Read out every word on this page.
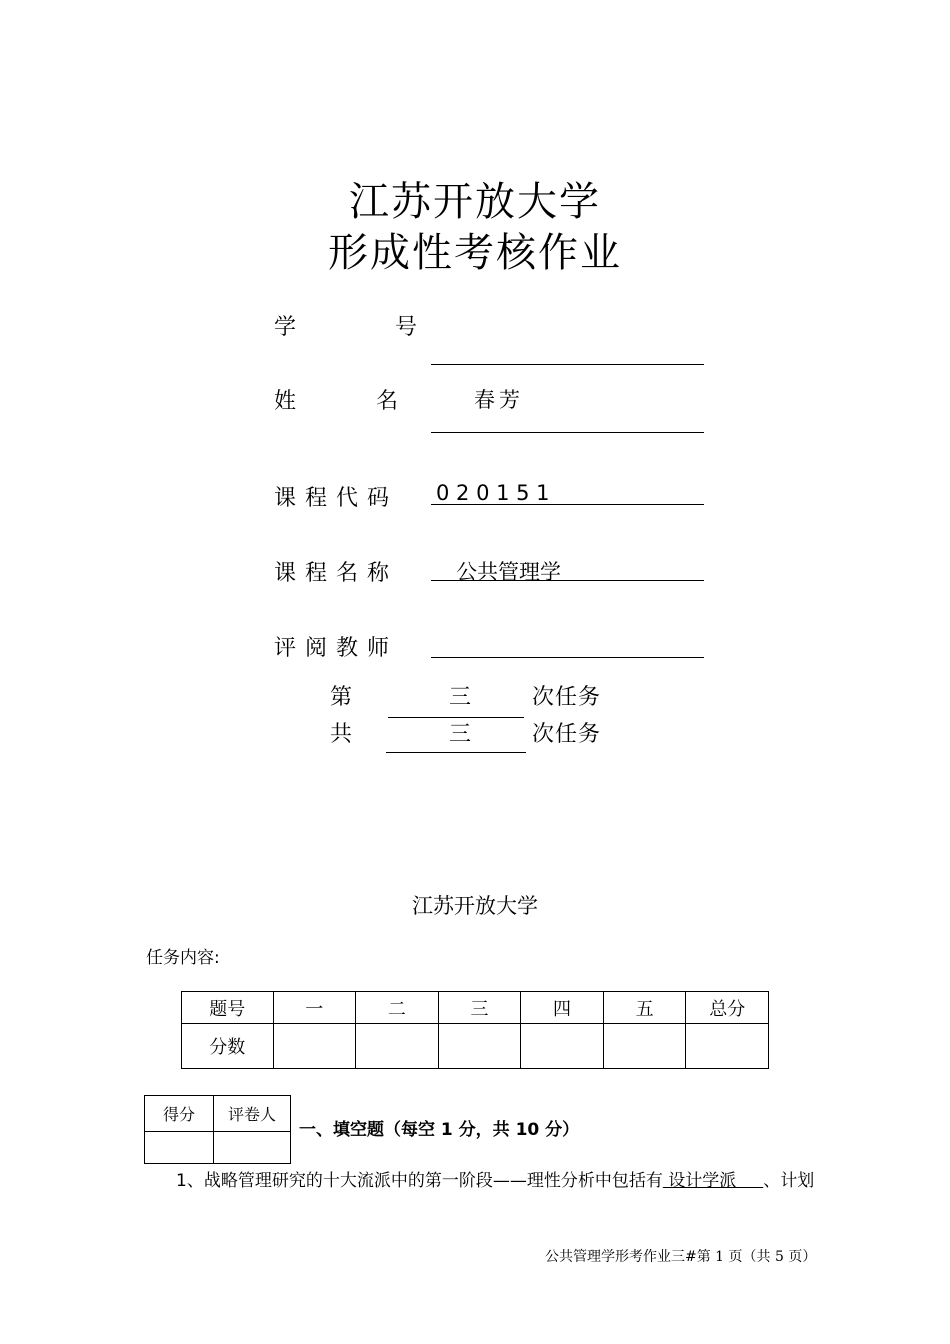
江苏开放大学
形成性考核作业
学	号
姓	名	春芳
课 程 代 码 0 2 0 1 5 1
课 程 名 称	公共管理学
评 阅 教 师
第	三	次任务
共	三	次任务
江苏开放大学
任务内容:
题号	一	二	三	四	五	总分
分数						
得分	评卷人

一、填空题（每空 1 分，共 10 分）
1、战略管理研究的十大流派中的第一阶段——理性分析中包括有 设计学派     、计划
公共管理学形考作业三#第 1 页（共 5 页）
